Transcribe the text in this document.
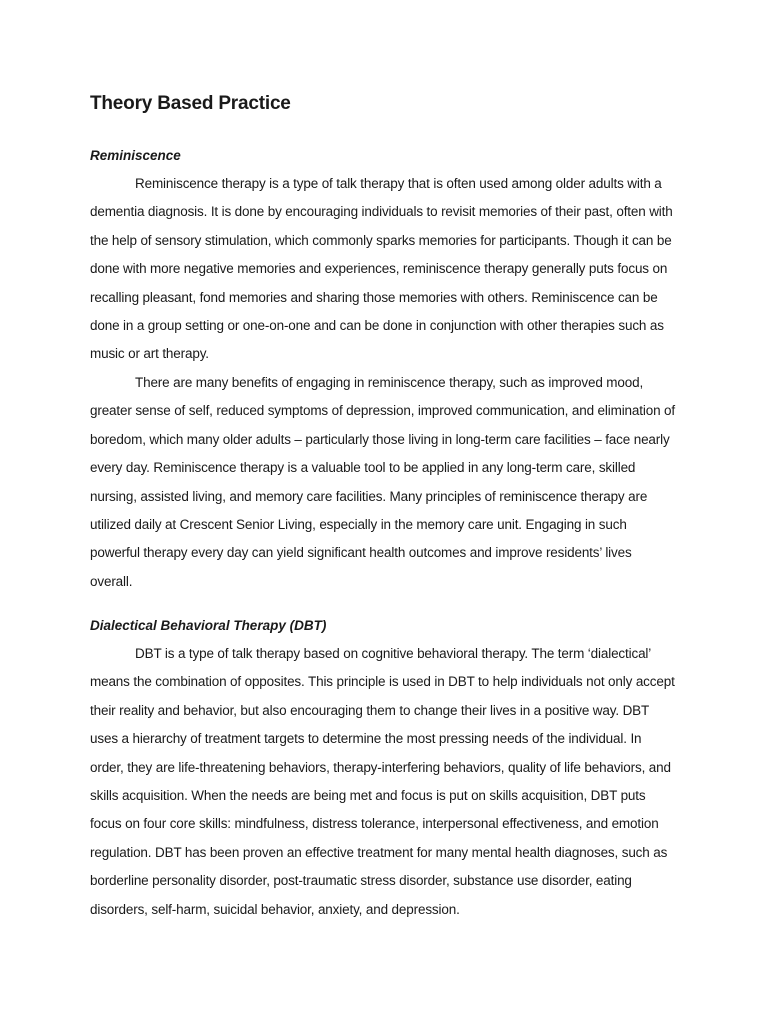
Theory Based Practice
Reminiscence

Reminiscence therapy is a type of talk therapy that is often used among older adults with a dementia diagnosis. It is done by encouraging individuals to revisit memories of their past, often with the help of sensory stimulation, which commonly sparks memories for participants. Though it can be done with more negative memories and experiences, reminiscence therapy generally puts focus on recalling pleasant, fond memories and sharing those memories with others. Reminiscence can be done in a group setting or one-on-one and can be done in conjunction with other therapies such as music or art therapy.

There are many benefits of engaging in reminiscence therapy, such as improved mood, greater sense of self, reduced symptoms of depression, improved communication, and elimination of boredom, which many older adults – particularly those living in long-term care facilities – face nearly every day. Reminiscence therapy is a valuable tool to be applied in any long-term care, skilled nursing, assisted living, and memory care facilities. Many principles of reminiscence therapy are utilized daily at Crescent Senior Living, especially in the memory care unit. Engaging in such powerful therapy every day can yield significant health outcomes and improve residents’ lives overall.

Dialectical Behavioral Therapy (DBT)

DBT is a type of talk therapy based on cognitive behavioral therapy. The term ‘dialectical’ means the combination of opposites. This principle is used in DBT to help individuals not only accept their reality and behavior, but also encouraging them to change their lives in a positive way. DBT uses a hierarchy of treatment targets to determine the most pressing needs of the individual. In order, they are life-threatening behaviors, therapy-interfering behaviors, quality of life behaviors, and skills acquisition. When the needs are being met and focus is put on skills acquisition, DBT puts focus on four core skills: mindfulness, distress tolerance, interpersonal effectiveness, and emotion regulation. DBT has been proven an effective treatment for many mental health diagnoses, such as borderline personality disorder, post-traumatic stress disorder, substance use disorder, eating disorders, self-harm, suicidal behavior, anxiety, and depression.
